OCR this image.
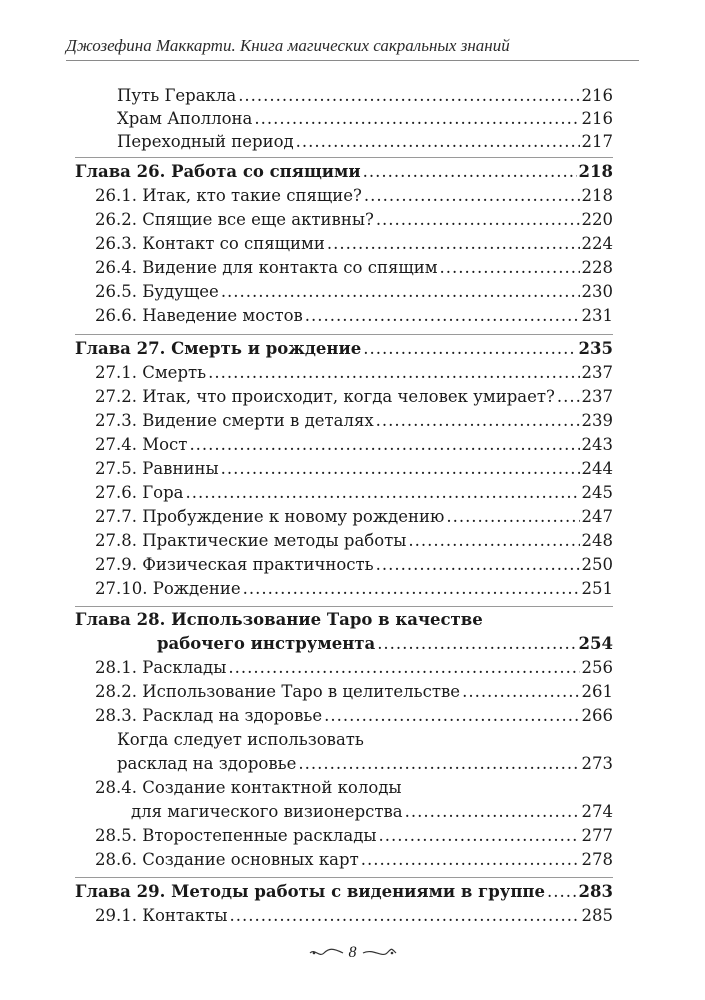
Джозефина Маккарти. Книга магических сакральных знаний
Путь Геракла .....	216
Храм Аполлона .....	216
Переходный период .....	217
Глава 26. Работа со спящими .....	218
26.1. Итак, кто такие спящие? .....	218
26.2. Спящие все еще активны? .....	220
26.3. Контакт со спящими .....	224
26.4. Видение для контакта со спящим .....	228
26.5. Будущее .....	230
26.6. Наведение мостов .....	231
Глава 27. Смерть и рождение .....	235
27.1. Смерть .....	237
27.2. Итак, что происходит, когда человек умирает? ..... 237
27.3. Видение смерти в деталях .....	239
27.4. Мост .....	243
27.5. Равнины .....	244
27.6. Гора .....	245
27.7. Пробуждение к новому рождению .....	247
27.8. Практические методы работы .....	248
27.9. Физическая практичность .....	250
27.10. Рождение .....	251
Глава 28. Использование Таро в качестве
рабочего инструмента .....	254
28.1. Расклады .....	256
28.2. Использование Таро в целительстве .....	261
28.3. Расклад на здоровье .....	266
Когда следует использовать
расклад на здоровье .....	273
28.4. Создание контактной колоды
для магического визионерства .....	274
28.5. Второстепенные расклады .....	277
28.6. Создание основных карт .....	278
Глава 29. Методы работы с видениями в группе ..... 283
29.1. Контакты .....	285
8
